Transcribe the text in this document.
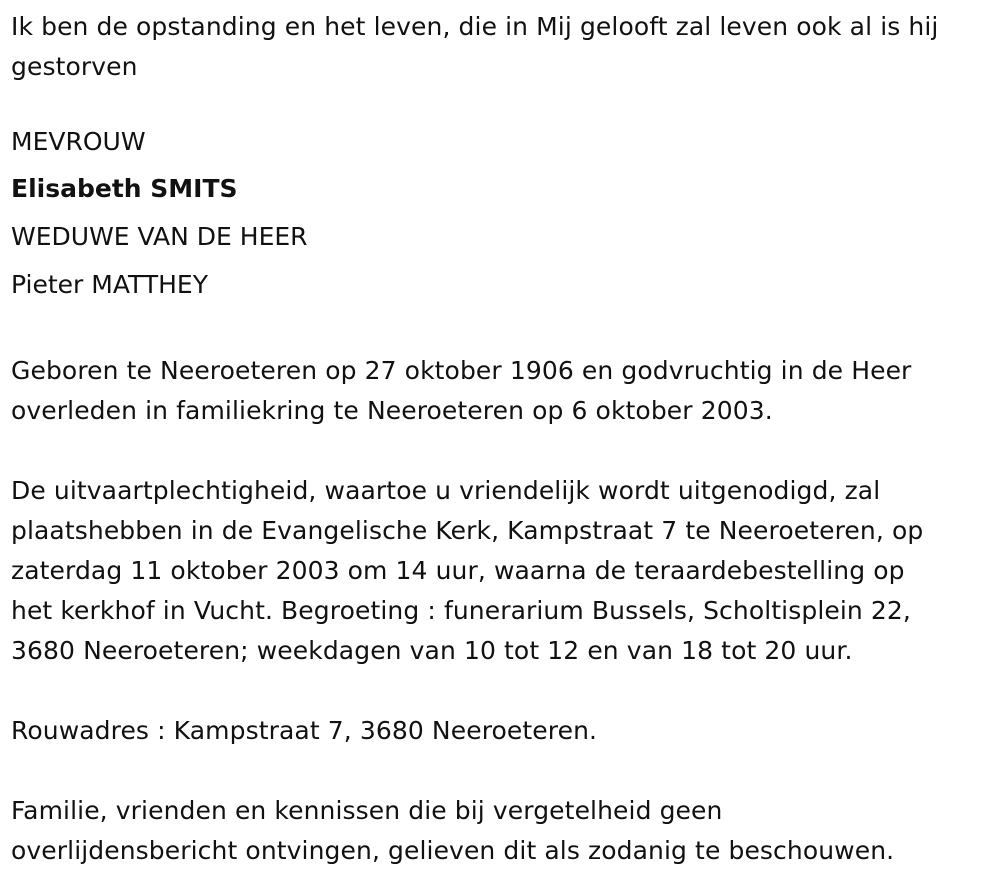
Ik ben de opstanding en het leven, die in Mij gelooft zal leven ook al is hij
gestorven

MEVROUW

Elisabeth SMITS

WEDUWE VAN DE HEER

Pieter MATTHEY

Geboren te Neeroeteren op 27 oktober 1906 en godvruchtig in de Heer
overleden in familiekring te Neeroeteren op 6 oktober 2003.

De uitvaartplechtigheid, waartoe u vriendelijk wordt uitgenodigd, zal
plaatshebben in de Evangelische Kerk, Kampstraat 7 te Neeroeteren, op
zaterdag 11 oktober 2003 om 14 uur, waarna de teraardebestelling op
het kerkhof in Vucht. Begroeting : funerarium Bussels, Scholtisplein 22,
3680 Neeroeteren; weekdagen van 10 tot 12 en van 18 tot 20 uur.

Rouwadres : Kampstraat 7, 3680 Neeroeteren.

Familie, vrienden en kennissen die bij vergetelheid geen
overlijdensbericht ontvingen, gelieven dit als zodanig te beschouwen.
